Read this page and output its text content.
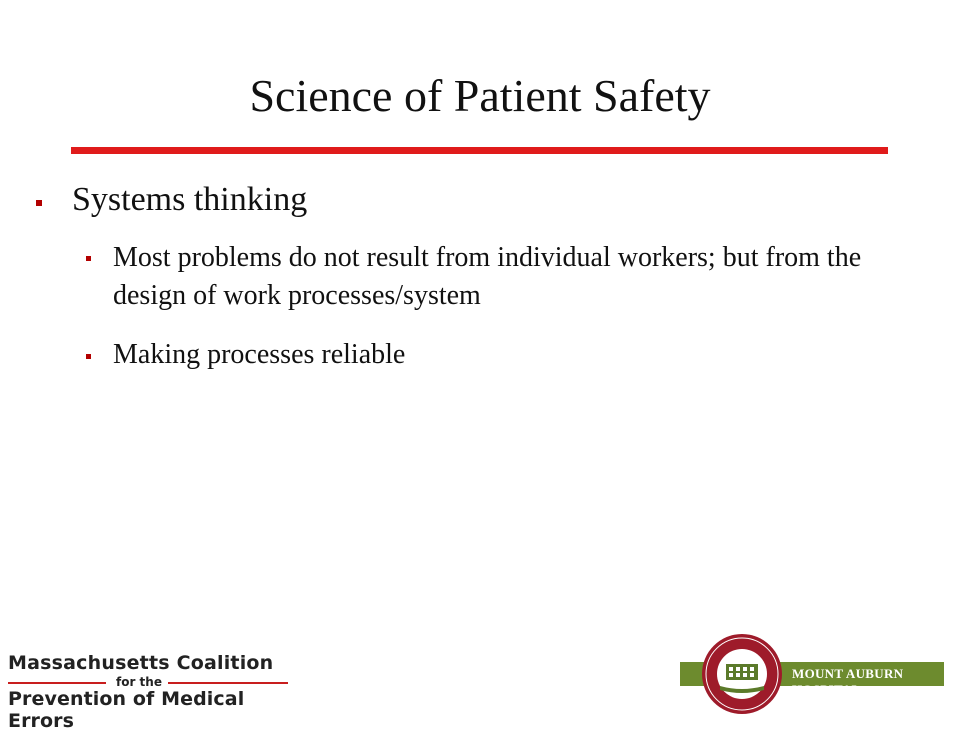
Science of Patient Safety
Systems thinking
Most problems do not result from individual workers; but from the design of work processes/system
Making processes reliable
Massachusetts Coalition
for the
Prevention of Medical Errors
MOUNT AUBURN HOSPITAL
